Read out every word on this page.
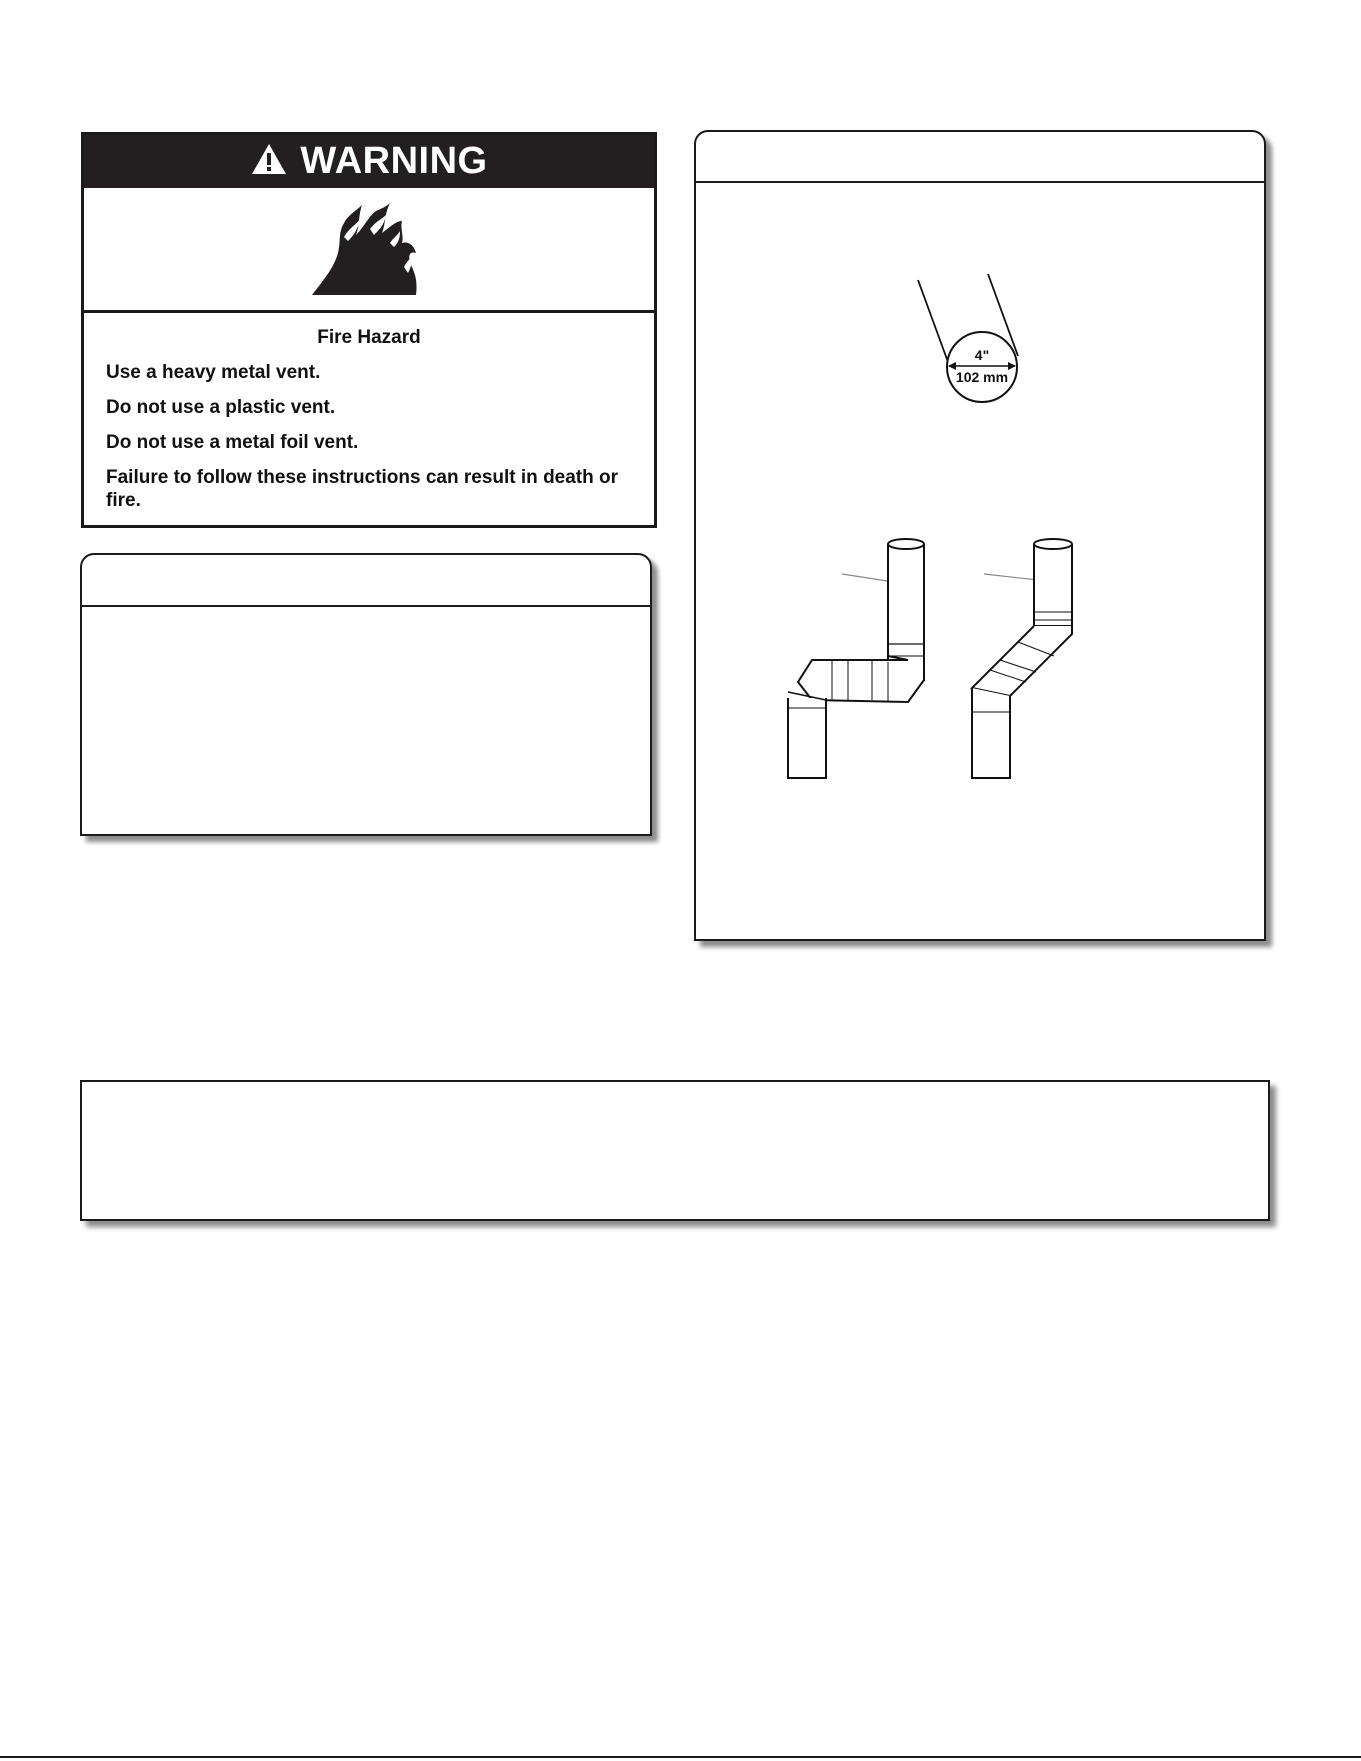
WARNING

Fire Hazard

Use a heavy metal vent.

Do not use a plastic vent.

Do not use a metal foil vent.

Failure to follow these instructions can result in death or fire.

4"
102 mm
